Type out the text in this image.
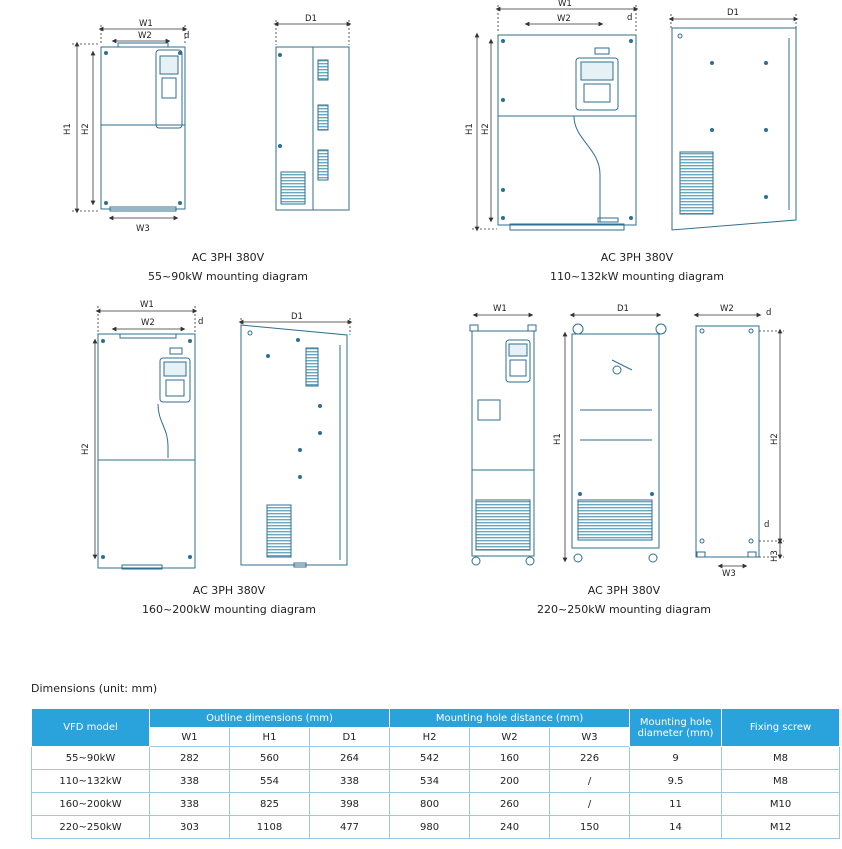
W1
W2
W3
D1
d
H1 H2
W1
W2
D1
d
H1 H2
W1
W2
D1
d
H2
W1	D1	W2
W3
d
d
H1	H2
H3
AC 3PH 380V
55~90kW mounting diagram
AC 3PH 380V
110~132kW mounting diagram
AC 3PH 380V
160~200kW mounting diagram
AC 3PH 380V
220~250kW mounting diagram
Dimensions (unit: mm)
VFD model	Outline dimensions (mm)			Mounting hole distance (mm)			Mounting hole diameter (mm)	Fixing screw
	W1	H1	D1	H2	W2	W3		
55~90kW	282	560	264	542	160	226	9	M8
110~132kW	338	554	338	534	200	/	9.5	M8
160~200kW	338	825	398	800	260	/	11	M10
220~250kW	303	1108	477	980	240	150	14	M12
